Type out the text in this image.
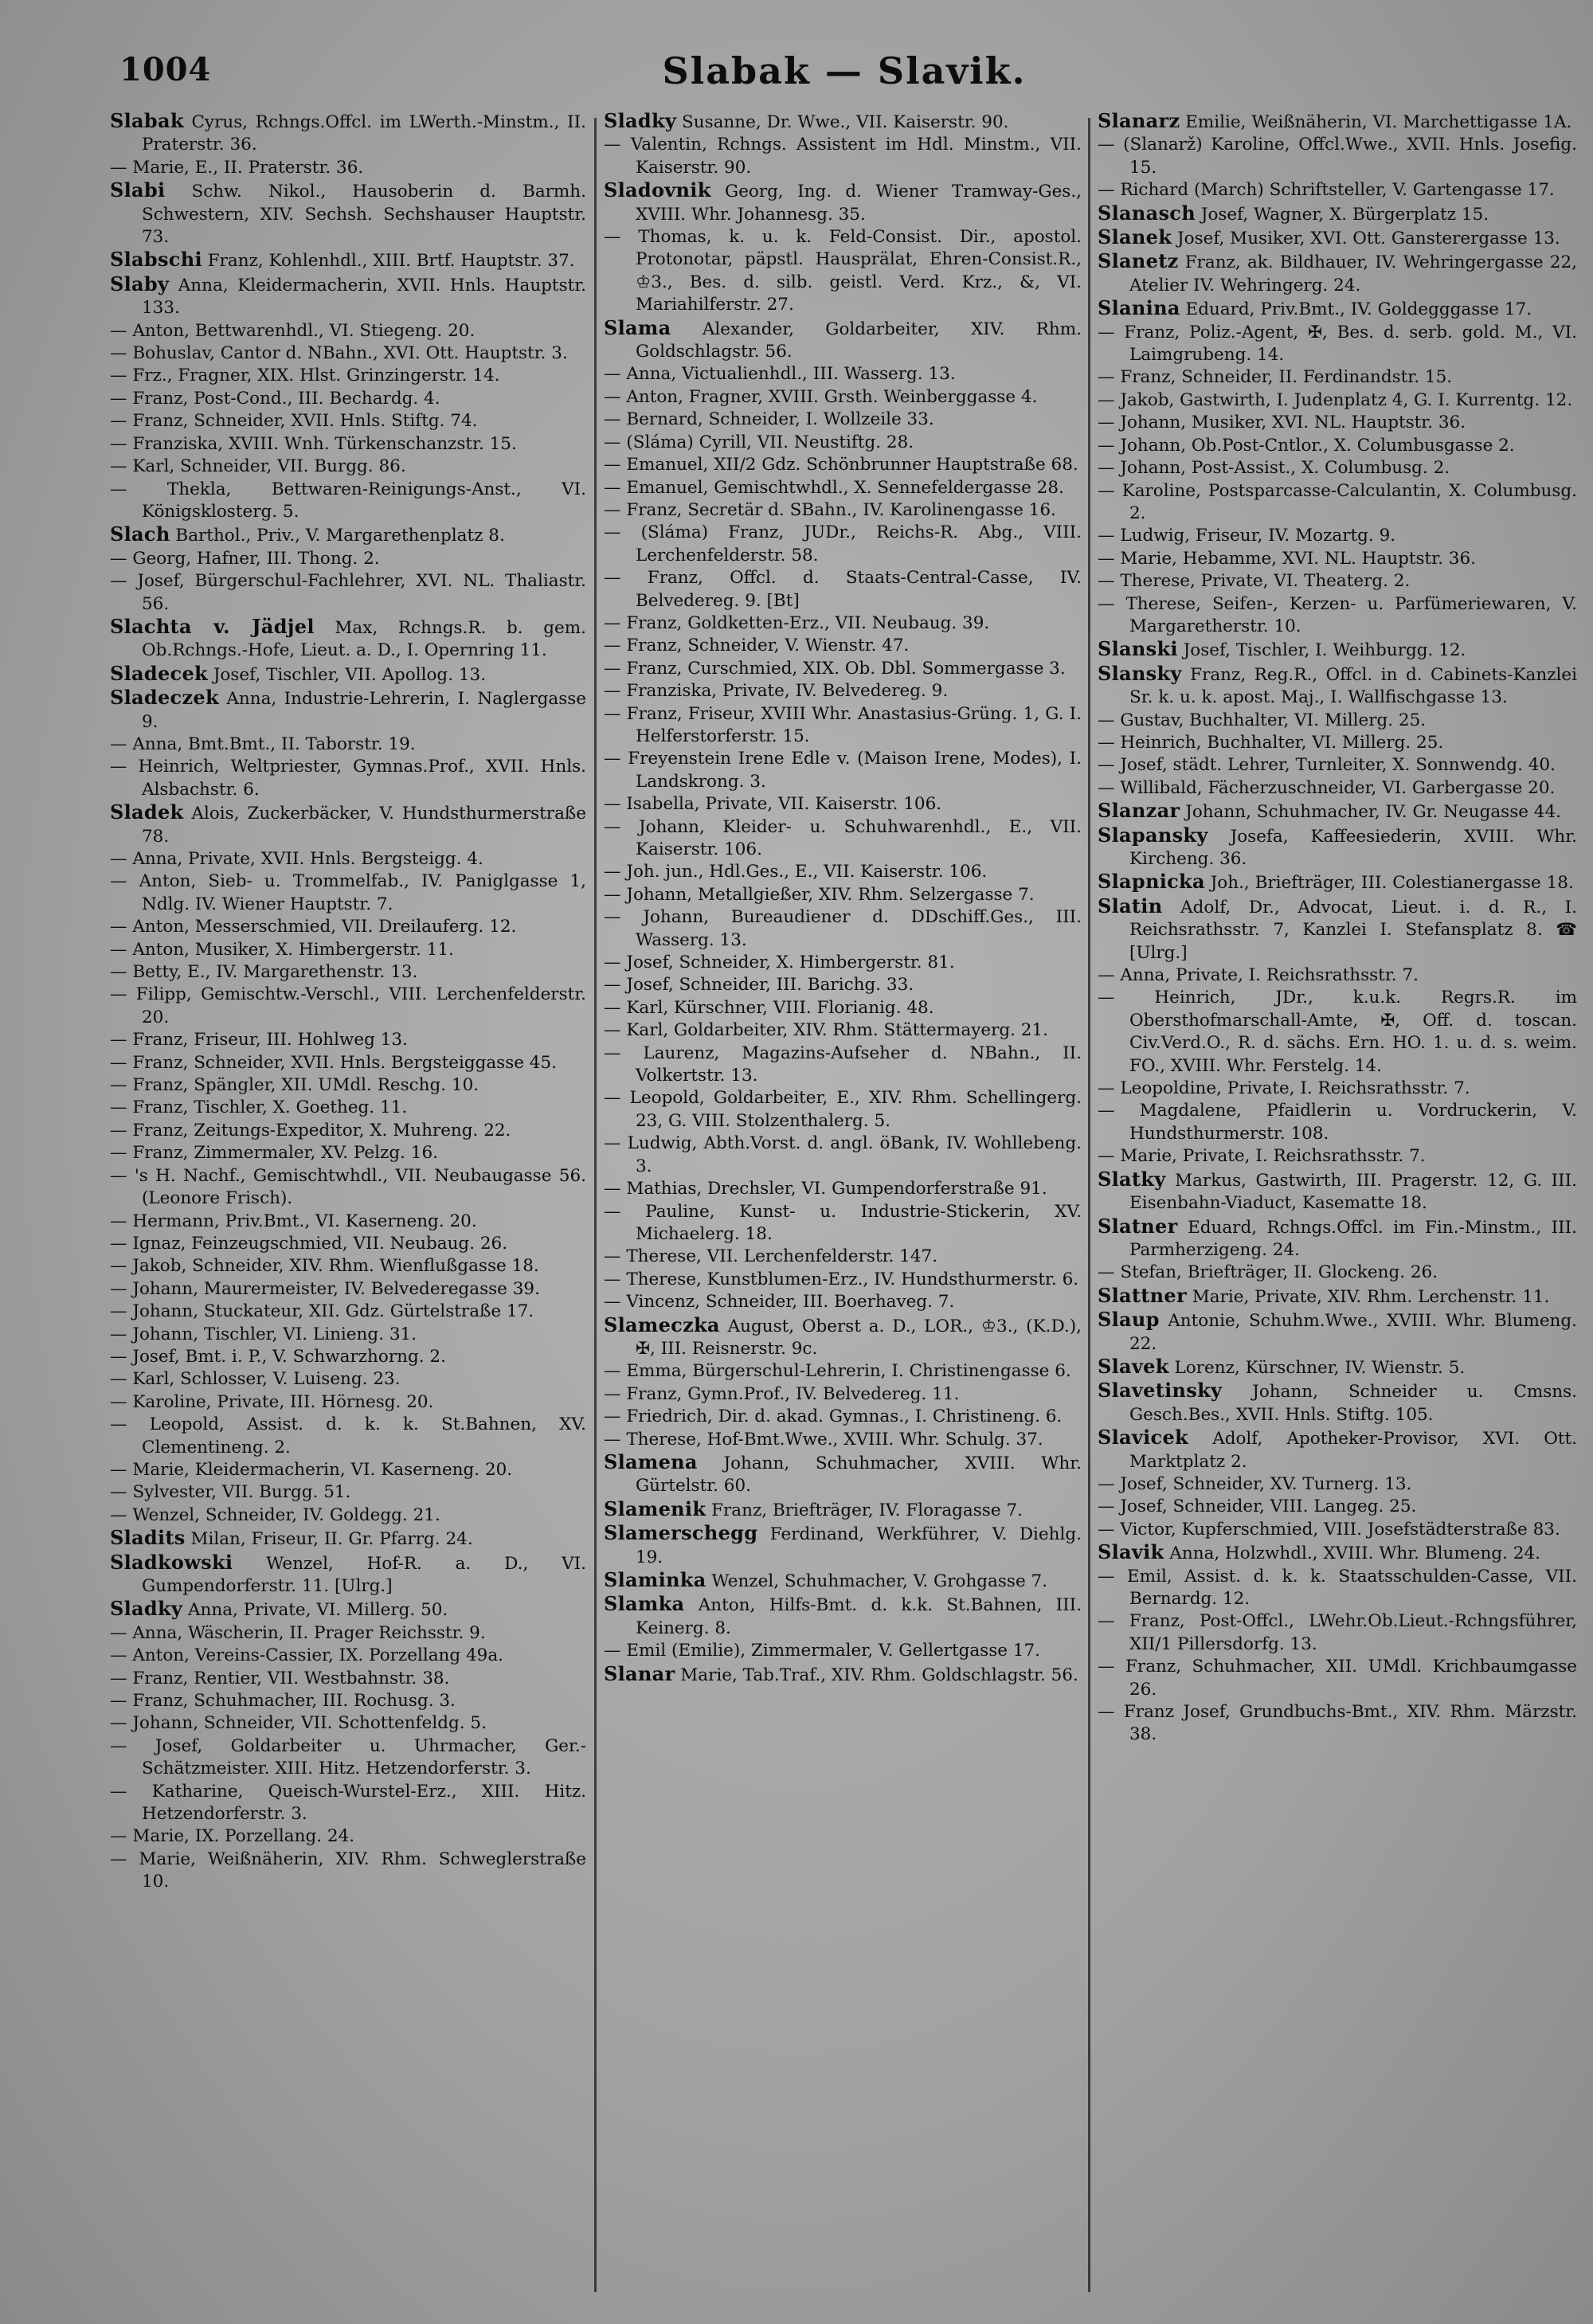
1004	Slabak — Slavik.
Slabak Cyrus, Rchngs.Offcl. im LWerth.-Minstm., II. Praterstr. 36.
— Marie, E., II. Praterstr. 36.
Slabi Schw. Nikol., Hausoberin d. Barmh. Schwestern, XIV. Sechsh. Sechshauser Hauptstr. 73.
Slabschi Franz, Kohlenhdl., XIII. Brtf. Hauptstr. 37.
Slaby Anna, Kleidermacherin, XVII. Hnls. Hauptstr. 133.
— Anton, Bettwarenhdl., VI. Stiegeng. 20.
— Bohuslav, Cantor d. NBahn., XVI. Ott. Hauptstr. 3.
— Frz., Fragner, XIX. Hlst. Grinzingerstr. 14.
— Franz, Post-Cond., III. Bechardg. 4.
— Franz, Schneider, XVII. Hnls. Stiftg. 74.
— Franziska, XVIII. Wnh. Türkenschanzstr. 15.
— Karl, Schneider, VII. Burgg. 86.
— Thekla, Bettwaren-Reinigungs-Anst., VI. Königsklosterg. 5.
Slach Barthol., Priv., V. Margarethenplatz 8.
— Georg, Hafner, III. Thong. 2.
— Josef, Bürgerschul-Fachlehrer, XVI. NL. Thaliastr. 56.
Slachta v. Jädjel Max, Rchngs.R. b. gem. Ob.Rchngs.-Hofe, Lieut. a. D., I. Opernring 11.
Sladecek Josef, Tischler, VII. Apollog. 13.
Sladeczek Anna, Industrie-Lehrerin, I. Naglergasse 9.
— Anna, Bmt.Bmt., II. Taborstr. 19.
— Heinrich, Weltpriester, Gymnas.Prof., XVII. Hnls. Alsbachstr. 6.
Sladek Alois, Zuckerbäcker, V. Hundsthurmerstraße 78.
— Anna, Private, XVII. Hnls. Bergsteigg. 4.
— Anton, Sieb- u. Trommelfab., IV. Paniglgasse 1, Ndlg. IV. Wiener Hauptstr. 7.
— Anton, Messerschmied, VII. Dreilauferg. 12.
— Anton, Musiker, X. Himbergerstr. 11.
— Betty, E., IV. Margarethenstr. 13.
— Filipp, Gemischtw.-Verschl., VIII. Lerchenfelderstr. 20.
— Franz, Friseur, III. Hohlweg 13.
— Franz, Schneider, XVII. Hnls. Bergsteiggasse 45.
— Franz, Spängler, XII. UMdl. Reschg. 10.
— Franz, Tischler, X. Goetheg. 11.
— Franz, Zeitungs-Expeditor, X. Muhreng. 22.
— Franz, Zimmermaler, XV. Pelzg. 16.
— 's H. Nachf., Gemischtwhdl., VII. Neubaugasse 56. (Leonore Frisch).
— Hermann, Priv.Bmt., VI. Kaserneng. 20.
— Ignaz, Feinzeugschmied, VII. Neubaug. 26.
— Jakob, Schneider, XIV. Rhm. Wienflußgasse 18.
— Johann, Maurermeister, IV. Belvederegasse 39.
— Johann, Stuckateur, XII. Gdz. Gürtelstraße 17.
— Johann, Tischler, VI. Linieng. 31.
— Josef, Bmt. i. P., V. Schwarzhorng. 2.
— Karl, Schlosser, V. Luiseng. 23.
— Karoline, Private, III. Hörnesg. 20.
— Leopold, Assist. d. k. k. St.Bahnen, XV. Clementineng. 2.
— Marie, Kleidermacherin, VI. Kaserneng. 20.
— Sylvester, VII. Burgg. 51.
— Wenzel, Schneider, IV. Goldegg. 21.
Sladits Milan, Friseur, II. Gr. Pfarrg. 24.
Sladkowski Wenzel, Hof-R. a. D., VI. Gumpendorferstr. 11. [Ulrg.]
Sladky Anna, Private, VI. Millerg. 50.
— Anna, Wäscherin, II. Prager Reichsstr. 9.
— Anton, Vereins-Cassier, IX. Porzellang 49a.
— Franz, Rentier, VII. Westbahnstr. 38.
— Franz, Schuhmacher, III. Rochusg. 3.
— Johann, Schneider, VII. Schottenfeldg. 5.
— Josef, Goldarbeiter u. Uhrmacher, Ger.-Schätzmeister. XIII. Hitz. Hetzendorferstr. 3.
— Katharine, Queisch-Wurstel-Erz., XIII. Hitz. Hetzendorferstr. 3.
— Marie, IX. Porzellang. 24.
— Marie, Weißnäherin, XIV. Rhm. Schweglerstraße 10.
Sladky Susanne, Dr. Wwe., VII. Kaiserstr. 90.
— Valentin, Rchngs. Assistent im Hdl. Minstm., VII. Kaiserstr. 90.
Sladovnik Georg, Ing. d. Wiener Tramway-Ges., XVIII. Whr. Johannesg. 35.
— Thomas, k. u. k. Feld-Consist. Dir., apostol. Protonotar, päpstl. Hausprälat, Ehren-Consist.R., ♔3., Bes. d. silb. geistl. Verd. Krz., &, VI. Mariahilferstr. 27.
Slama Alexander, Goldarbeiter, XIV. Rhm. Goldschlagstr. 56.
— Anna, Victualienhdl., III. Wasserg. 13.
— Anton, Fragner, XVIII. Grsth. Weinberggasse 4.
— Bernard, Schneider, I. Wollzeile 33.
— (Sláma) Cyrill, VII. Neustiftg. 28.
— Emanuel, XII/2 Gdz. Schönbrunner Hauptstraße 68.
— Emanuel, Gemischtwhdl., X. Sennefeldergasse 28.
— Franz, Secretär d. SBahn., IV. Karolinengasse 16.
— (Sláma) Franz, JUDr., Reichs-R. Abg., VIII. Lerchenfelderstr. 58.
— Franz, Offcl. d. Staats-Central-Casse, IV. Belvedereg. 9. [Bt]
— Franz, Goldketten-Erz., VII. Neubaug. 39.
— Franz, Schneider, V. Wienstr. 47.
— Franz, Curschmied, XIX. Ob. Dbl. Sommergasse 3.
— Franziska, Private, IV. Belvedereg. 9.
— Franz, Friseur, XVIII Whr. Anastasius-Grüng. 1, G. I. Helferstorferstr. 15.
— Freyenstein Irene Edle v. (Maison Irene, Modes), I. Landskrong. 3.
— Isabella, Private, VII. Kaiserstr. 106.
— Johann, Kleider- u. Schuhwarenhdl., E., VII. Kaiserstr. 106.
— Joh. jun., Hdl.Ges., E., VII. Kaiserstr. 106.
— Johann, Metallgießer, XIV. Rhm. Selzergasse 7.
— Johann, Bureaudiener d. DDschiff.Ges., III. Wasserg. 13.
— Josef, Schneider, X. Himbergerstr. 81.
— Josef, Schneider, III. Barichg. 33.
— Karl, Kürschner, VIII. Florianig. 48.
— Karl, Goldarbeiter, XIV. Rhm. Stättermayerg. 21.
— Laurenz, Magazins-Aufseher d. NBahn., II. Volkertstr. 13.
— Leopold, Goldarbeiter, E., XIV. Rhm. Schellingerg. 23, G. VIII. Stolzenthalerg. 5.
— Ludwig, Abth.Vorst. d. angl. öBank, IV. Wohllebeng. 3.
— Mathias, Drechsler, VI. Gumpendorferstraße 91.
— Pauline, Kunst- u. Industrie-Stickerin, XV. Michaelerg. 18.
— Therese, VII. Lerchenfelderstr. 147.
— Therese, Kunstblumen-Erz., IV. Hundsthurmerstr. 6.
— Vincenz, Schneider, III. Boerhaveg. 7.
Slameczka August, Oberst a. D., LOR., ♔3., (K.D.), ✠, III. Reisnerstr. 9c.
— Emma, Bürgerschul-Lehrerin, I. Christinengasse 6.
— Franz, Gymn.Prof., IV. Belvedereg. 11.
— Friedrich, Dir. d. akad. Gymnas., I. Christineng. 6.
— Therese, Hof-Bmt.Wwe., XVIII. Whr. Schulg. 37.
Slamena Johann, Schuhmacher, XVIII. Whr. Gürtelstr. 60.
Slamenik Franz, Briefträger, IV. Floragasse 7.
Slamerschegg Ferdinand, Werkführer, V. Diehlg. 19.
Slaminka Wenzel, Schuhmacher, V. Grohgasse 7.
Slamka Anton, Hilfs-Bmt. d. k.k. St.Bahnen, III. Keinerg. 8.
— Emil (Emilie), Zimmermaler, V. Gellertgasse 17.
Slanar Marie, Tab.Traf., XIV. Rhm. Goldschlagstr. 56.
Slanarz Emilie, Weißnäherin, VI. Marchettigasse 1A.
— (Slanarž) Karoline, Offcl.Wwe., XVII. Hnls. Josefig. 15.
— Richard (March) Schriftsteller, V. Gartengasse 17.
Slanasch Josef, Wagner, X. Bürgerplatz 15.
Slanek Josef, Musiker, XVI. Ott. Gansterergasse 13.
Slanetz Franz, ak. Bildhauer, IV. Wehringergasse 22, Atelier IV. Wehringerg. 24.
Slanina Eduard, Priv.Bmt., IV. Goldegggasse 17.
— Franz, Poliz.-Agent, ✠, Bes. d. serb. gold. M., VI. Laimgrubeng. 14.
— Franz, Schneider, II. Ferdinandstr. 15.
— Jakob, Gastwirth, I. Judenplatz 4, G. I. Kurrentg. 12.
— Johann, Musiker, XVI. NL. Hauptstr. 36.
— Johann, Ob.Post-Cntlor., X. Columbusgasse 2.
— Johann, Post-Assist., X. Columbusg. 2.
— Karoline, Postsparcasse-Calculantin, X. Columbusg. 2.
— Ludwig, Friseur, IV. Mozartg. 9.
— Marie, Hebamme, XVI. NL. Hauptstr. 36.
— Therese, Private, VI. Theaterg. 2.
— Therese, Seifen-, Kerzen- u. Parfümeriewaren, V. Margaretherstr. 10.
Slanski Josef, Tischler, I. Weihburgg. 12.
Slansky Franz, Reg.R., Offcl. in d. Cabinets-Kanzlei Sr. k. u. k. apost. Maj., I. Wallfischgasse 13.
— Gustav, Buchhalter, VI. Millerg. 25.
— Heinrich, Buchhalter, VI. Millerg. 25.
— Josef, städt. Lehrer, Turnleiter, X. Sonnwendg. 40.
— Willibald, Fächerzuschneider, VI. Garbergasse 20.
Slanzar Johann, Schuhmacher, IV. Gr. Neugasse 44.
Slapansky Josefa, Kaffeesiederin, XVIII. Whr. Kircheng. 36.
Slapnicka Joh., Briefträger, III. Colestianergasse 18.
Slatin Adolf, Dr., Advocat, Lieut. i. d. R., I. Reichsrathsstr. 7, Kanzlei I. Stefansplatz 8. ☎ [Ulrg.]
— Anna, Private, I. Reichsrathsstr. 7.
— Heinrich, JDr., k.u.k. Regrs.R. im Obersthofmarschall-Amte, ✠, Off. d. toscan. Civ.Verd.O., R. d. sächs. Ern. HO. 1. u. d. s. weim. FO., XVIII. Whr. Ferstelg. 14.
— Leopoldine, Private, I. Reichsrathsstr. 7.
— Magdalene, Pfaidlerin u. Vordruckerin, V. Hundsthurmerstr. 108.
— Marie, Private, I. Reichsrathsstr. 7.
Slatky Markus, Gastwirth, III. Pragerstr. 12, G. III. Eisenbahn-Viaduct, Kasematte 18.
Slatner Eduard, Rchngs.Offcl. im Fin.-Minstm., III. Parmherzigeng. 24.
— Stefan, Briefträger, II. Glockeng. 26.
Slattner Marie, Private, XIV. Rhm. Lerchenstr. 11.
Slaup Antonie, Schuhm.Wwe., XVIII. Whr. Blumeng. 22.
Slavek Lorenz, Kürschner, IV. Wienstr. 5.
Slavetinsky Johann, Schneider u. Cmsns. Gesch.Bes., XVII. Hnls. Stiftg. 105.
Slavicek Adolf, Apotheker-Provisor, XVI. Ott. Marktplatz 2.
— Josef, Schneider, XV. Turnerg. 13.
— Josef, Schneider, VIII. Langeg. 25.
— Victor, Kupferschmied, VIII. Josefstädterstraße 83.
Slavik Anna, Holzwhdl., XVIII. Whr. Blumeng. 24.
— Emil, Assist. d. k. k. Staatsschulden-Casse, VII. Bernardg. 12.
— Franz, Post-Offcl., LWehr.Ob.Lieut.-Rchngsführer, XII/1 Pillersdorfg. 13.
— Franz, Schuhmacher, XII. UMdl. Krichbaumgasse 26.
— Franz Josef, Grundbuchs-Bmt., XIV. Rhm. Märzstr. 38.
